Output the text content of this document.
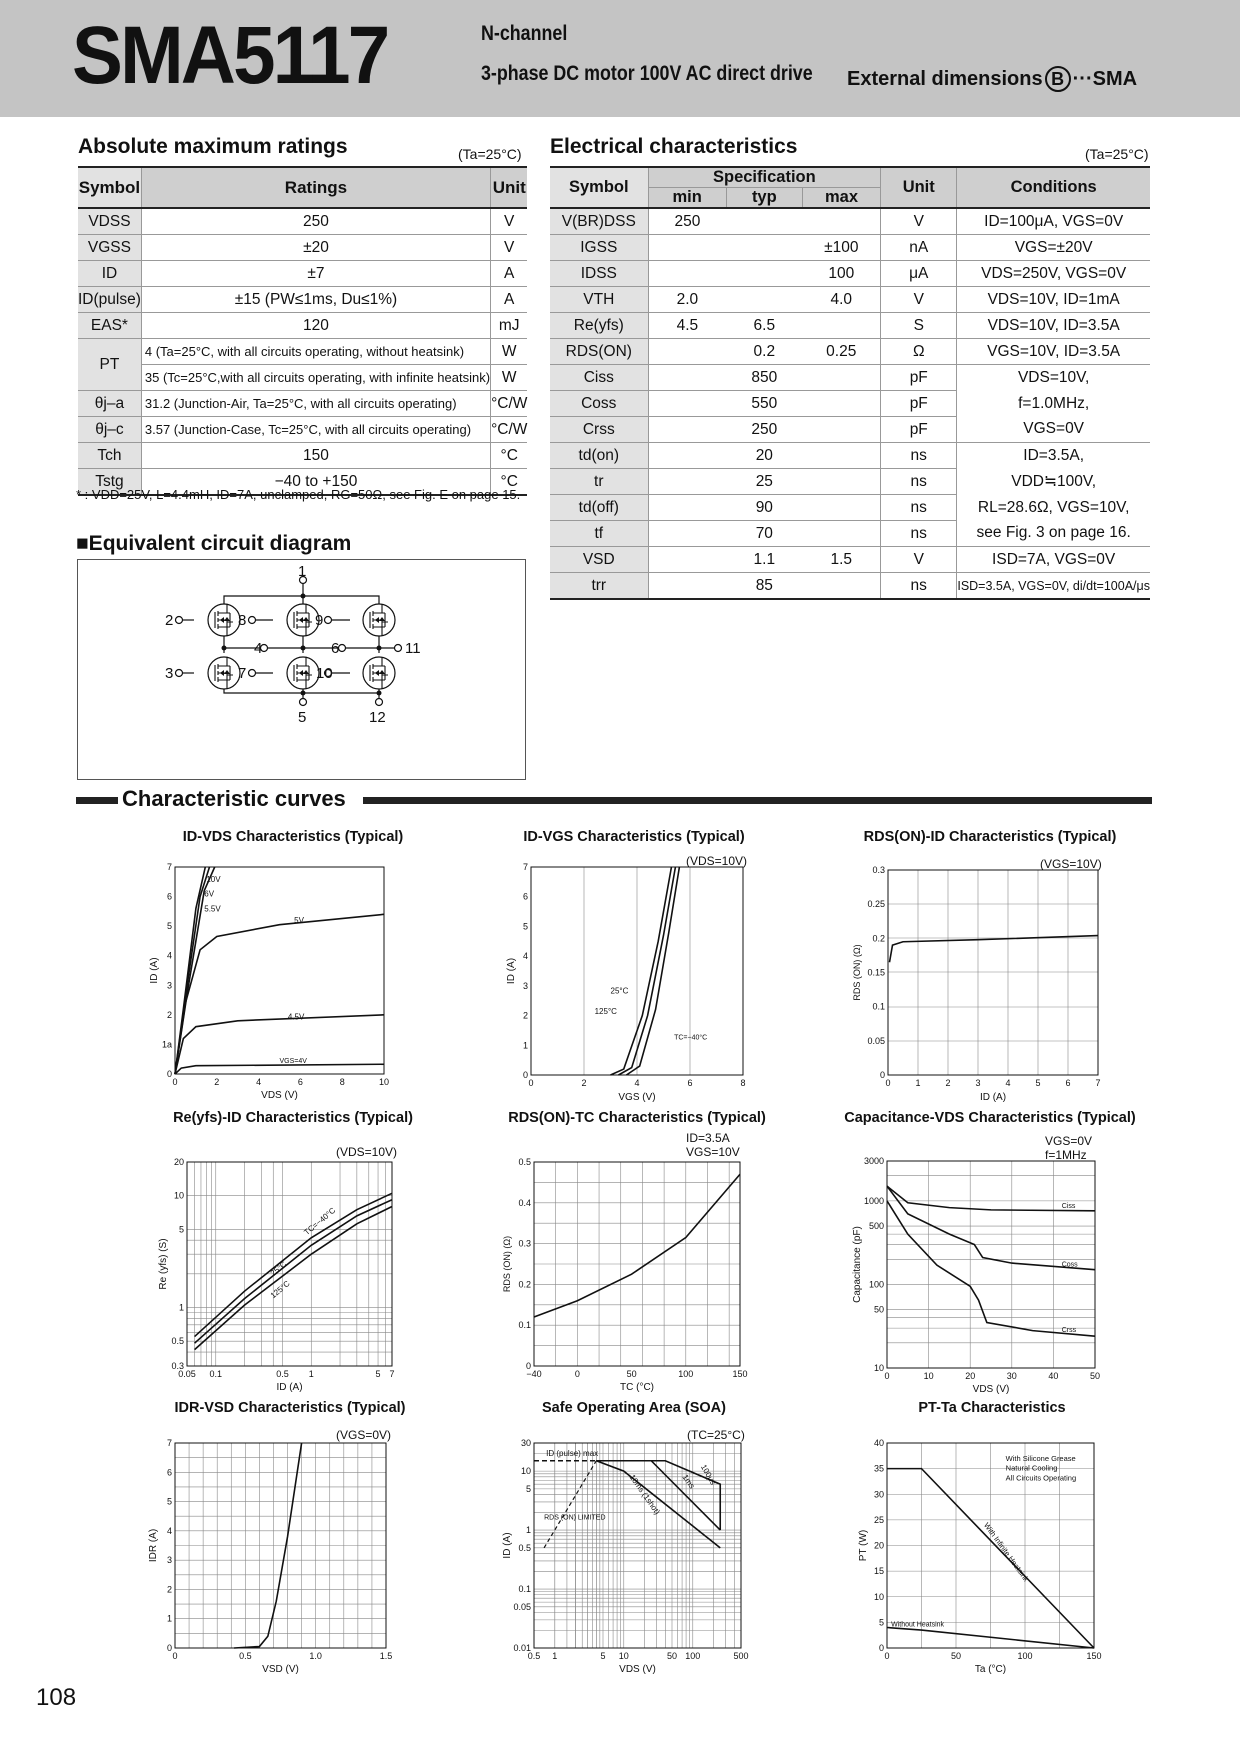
SMA5117	N-channel
3-phase DC motor 100V AC direct drive External dimensions B ···SMA
Absolute maximum ratings	(Ta=25°C)
Symbol	Ratings	Unit
VDSS	250	V
VGSS	±20	V
ID	±7	A
ID(pulse)	±15 (PW≤1ms, Du≤1%)	A
EAS*	120	mJ
PT	4 (Ta=25°C, with all circuits operating, without heatsink)	W
	35 (Tc=25°C,with all circuits operating, with infinite heatsink)	W
θj–a	31.2 (Junction-Air, Ta=25°C, with all circuits operating)	°C/W
θj–c	3.57 (Junction-Case, Tc=25°C, with all circuits operating)	°C/W
Tch	150	°C
Tstg	−40 to +150	°C
* : VDD=25V, L=4.4mH, ID=7A, unclamped, RG=50Ω, see Fig. E on page 15.
Electrical characteristics	(Ta=25°C)
Symbol	Specification			Unit	Conditions
	min	typ	max		
V(BR)DSS	250			V	ID=100μA, VGS=0V
IGSS			±100	nA	VGS=±20V
IDSS			100	μA	VDS=250V, VGS=0V
VTH	2.0		4.0	V	VDS=10V, ID=1mA
Re(yfs)	4.5	6.5		S	VDS=10V, ID=3.5A
RDS(ON)		0.2	0.25	Ω	VGS=10V, ID=3.5A
Ciss		850		pF	VDS=10V,
Coss		550		pF	f=1.0MHz,
Crss		250		pF	VGS=0V
td(on)		20		ns	ID=3.5A,
tr		25		ns	VDD≒100V,
td(off)		90		ns	RL=28.6Ω, VGS=10V,
tf		70		ns	see Fig. 3 on page 16.
VSD		1.1	1.5	V	ISD=7A, VGS=0V
trr		85		ns	ISD=3.5A, VGS=0V, di/dt=100A/μs
■Equivalent circuit diagram
1
2
3
4
5
6
7
8	9
10
11
12
Characteristic curves
ID-VDS Characteristics (Typical)	ID-VGS Characteristics (Typical)	RDS(ON)-ID Characteristics (Typical)
Re(yfs)-ID Characteristics (Typical)	RDS(ON)-TC Characteristics (Typical)	Capacitance-VDS Characteristics (Typical)
IDR-VSD Characteristics (Typical)	Safe Operating Area (SOA)	PT-Ta Characteristics
(VDS=10V)	(VGS=10V)
(VDS=10V)
ID=3.5A
VGS=10V
VGS=0V
f=1MHz
(VGS=0V)	(TC=25°C)
0	2	4	6	8	10
0
1a
2
3
4
5
6
7
ID (A)
VDS (V)
10V
6V
5.5V
5V
4.5V
VGS=4V
0	2	4	6	8
0
1
2
3
4
5
6
7
ID (A)
VGS (V)
25°C
125°C
TC=−40°C
0	1	2	3	4	5	6	7
0
0.05
0.1
0.15
0.2
0.25
0.3
RDS (ON) (Ω)
ID (A)
0.05 0.1	0.5 1	5 7
0.3
0.5
1
5
10
20
Re (yfs) (S)
ID (A)
TC=−40°C
25°C
125°C
−40	0	50	100	150
0
0.1
0.2
0.3
0.4
0.5
RDS (ON) (Ω)
TC (°C)
0	10	20	30	40	50
10
50
100
500
1000
3000
Capacitance (pF)
VDS (V)
Ciss
Coss
Crss
0	0.5	1.0	1.5
0
1
2
3
4
5
6
7
IDR (A)
VSD (V)
0.5 1	5 10	50 100	500
0.01
0.05
0.1
0.5
1
5
10
30
ID (A)
VDS (V)
ID (pulse) max
100μs
1ms
10ms (1shot)
RDS (ON) LIMITED
0	50	100	150
0
5
10
15
20
25
30
35
40
PT (W)
Ta (°C)
With Silicone Grease
Natural Cooling
All Circuits Operating
With Infinite Heatsink
Without Heatsink
108
